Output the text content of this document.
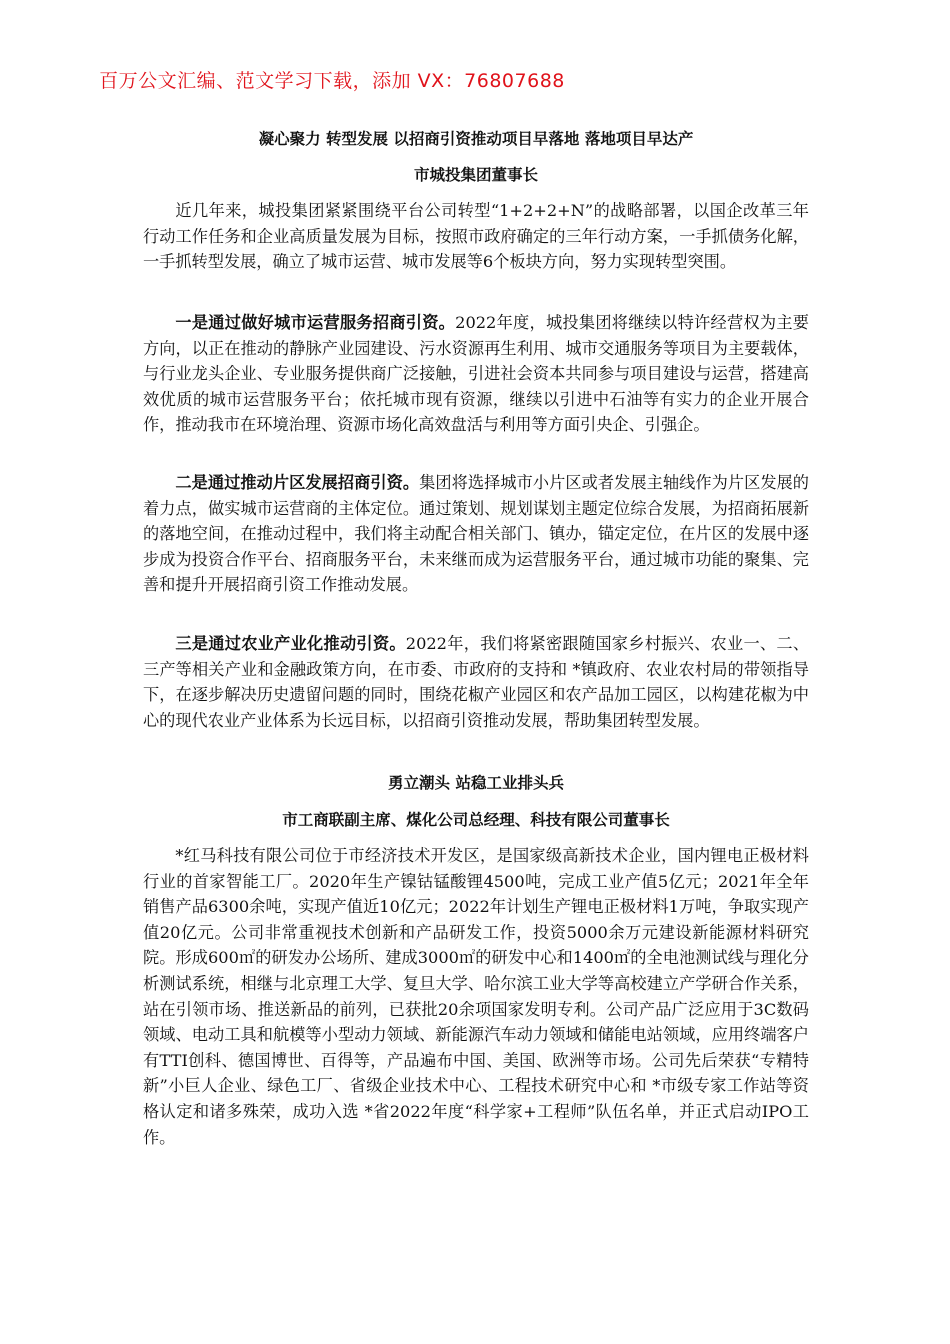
百万公文汇编、范文学习下载，添加 VX：76807688
凝心聚力 转型发展 以招商引资推动项目早落地 落地项目早达产
市城投集团董事长

近几年来，城投集团紧紧围绕平台公司转型“1+2+2+N”的战略部署，以国企改革三年行动工作任务和企业高质量发展为目标，按照市政府确定的三年行动方案，一手抓债务化解，一手抓转型发展，确立了城市运营、城市发展等6个板块方向，努力实现转型突围。

一是通过做好城市运营服务招商引资。2022年度，城投集团将继续以特许经营权为主要方向，以正在推动的静脉产业园建设、污水资源再生利用、城市交通服务等项目为主要载体，与行业龙头企业、专业服务提供商广泛接触，引进社会资本共同参与项目建设与运营，搭建高效优质的城市运营服务平台；依托城市现有资源，继续以引进中石油等有实力的企业开展合作，推动我市在环境治理、资源市场化高效盘活与利用等方面引央企、引强企。

二是通过推动片区发展招商引资。集团将选择城市小片区或者发展主轴线作为片区发展的着力点，做实城市运营商的主体定位。通过策划、规划谋划主题定位综合发展，为招商拓展新的落地空间，在推动过程中，我们将主动配合相关部门、镇办，锚定定位，在片区的发展中逐步成为投资合作平台、招商服务平台，未来继而成为运营服务平台，通过城市功能的聚集、完善和提升开展招商引资工作推动发展。

三是通过农业产业化推动引资。2022年，我们将紧密跟随国家乡村振兴、农业一、二、三产等相关产业和金融政策方向，在市委、市政府的支持和 *镇政府、农业农村局的带领指导下，在逐步解决历史遗留问题的同时，围绕花椒产业园区和农产品加工园区，以构建花椒为中心的现代农业产业体系为长远目标，以招商引资推动发展，帮助集团转型发展。

勇立潮头 站稳工业排头兵
市工商联副主席、煤化公司总经理、科技有限公司董事长

*红马科技有限公司位于市经济技术开发区，是国家级高新技术企业，国内锂电正极材料行业的首家智能工厂。2020年生产镍钴锰酸锂4500吨，完成工业产值5亿元；2021年全年销售产品6300余吨，实现产值近10亿元；2022年计划生产锂电正极材料1万吨，争取实现产值20亿元。公司非常重视技术创新和产品研发工作，投资5000余万元建设新能源材料研究院。形成600㎡的研发办公场所、建成3000㎡的研发中心和1400㎡的全电池测试线与理化分析测试系统，相继与北京理工大学、复旦大学、哈尔滨工业大学等高校建立产学研合作关系，站在引领市场、推送新品的前列，已获批20余项国家发明专利。公司产品广泛应用于3C数码领域、电动工具和航模等小型动力领域、新能源汽车动力领域和储能电站领域，应用终端客户有TTI创科、德国博世、百得等，产品遍布中国、美国、欧洲等市场。公司先后荣获“专精特新”小巨人企业、绿色工厂、省级企业技术中心、工程技术研究中心和 *市级专家工作站等资格认定和诸多殊荣，成功入选 *省2022年度“科学家+工程师”队伍名单，并正式启动IPO工作。
